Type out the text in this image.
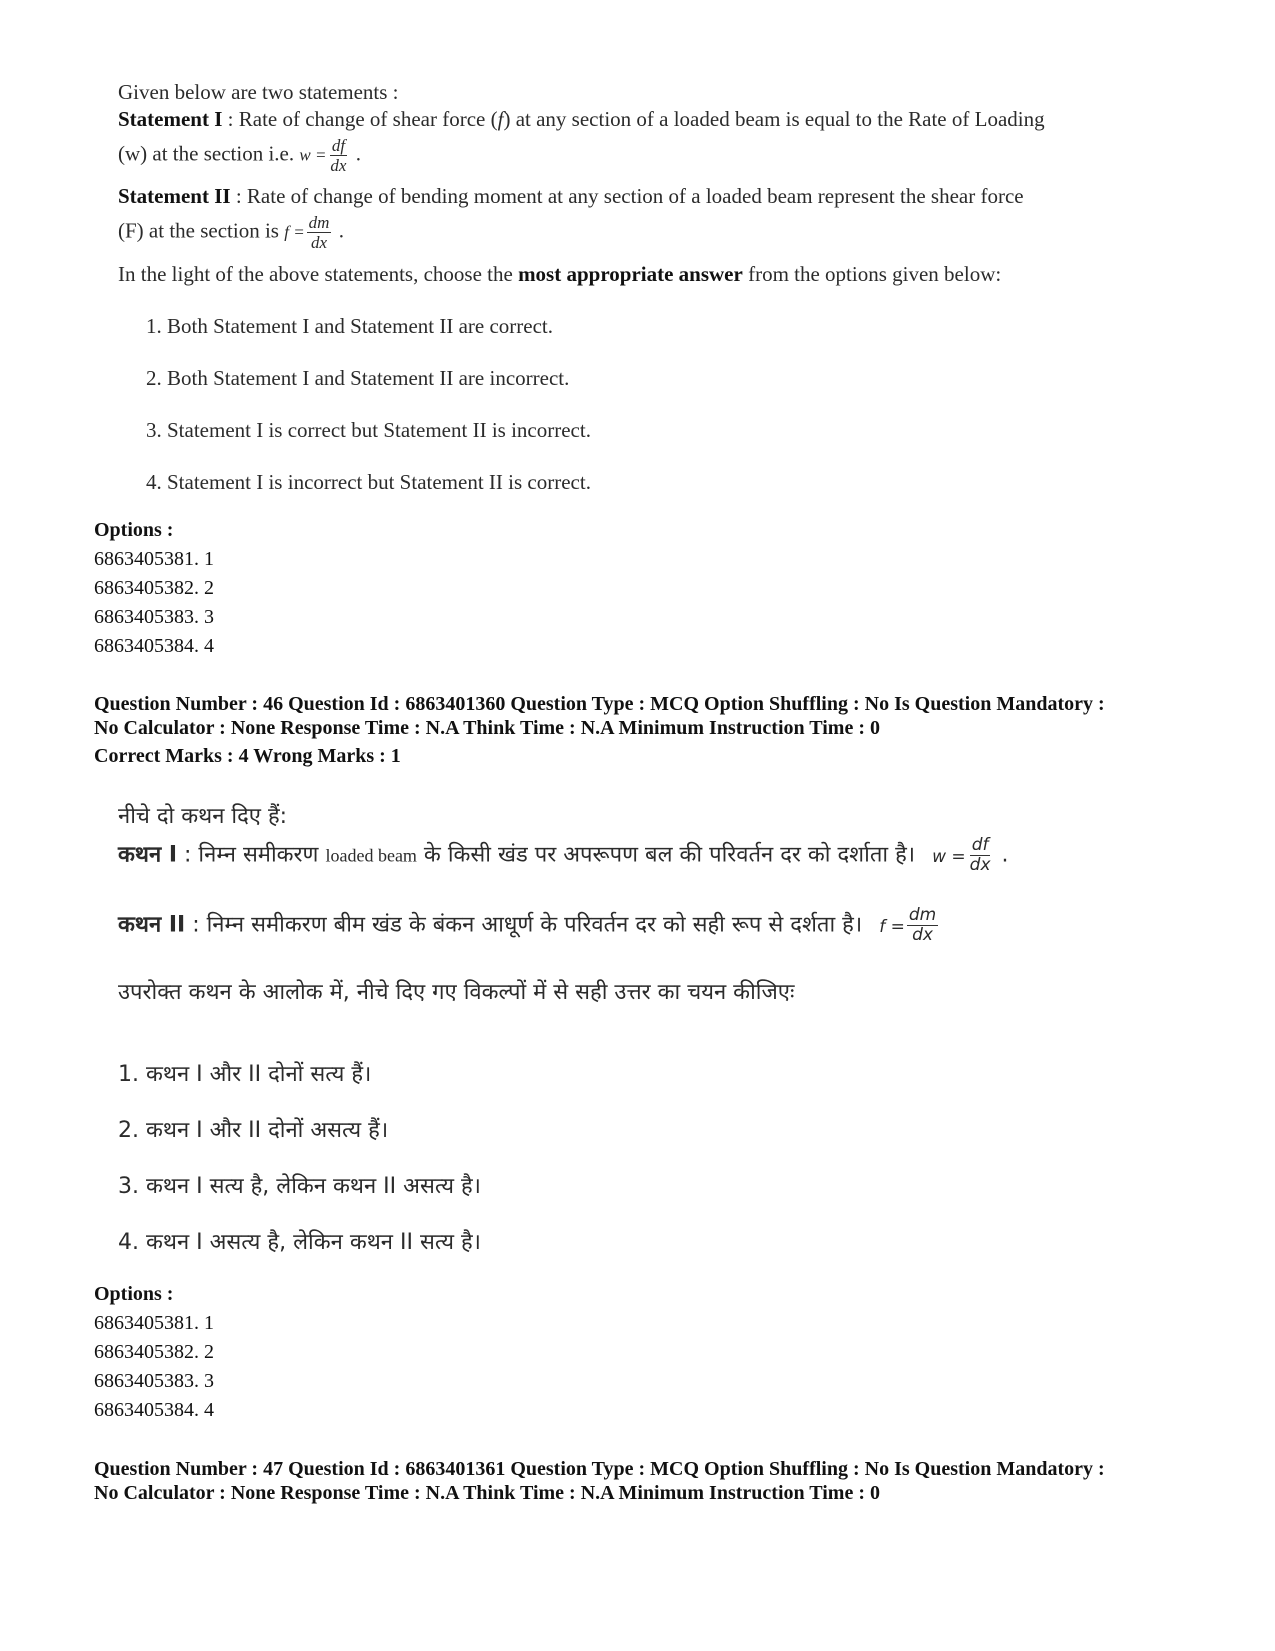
Given below are two statements :
Statement I : Rate of change of shear force (f) at any section of a loaded beam is equal to the Rate of Loading
(w) at the section i.e. $w = \frac{df}{dx}$ .
Statement II : Rate of change of bending moment at any section of a loaded beam represent the shear force
(F) at the section is $f = \frac{dm}{dx}$ .
In the light of the above statements, choose the most appropriate answer from the options given below:
1. Both Statement I and Statement II are correct.
2. Both Statement I and Statement II are incorrect.
3. Statement I is correct but Statement II is incorrect.
4. Statement I is incorrect but Statement II is correct.
Options :
6863405381. 1
6863405382. 2
6863405383. 3
6863405384. 4
Question Number : 46 Question Id : 6863401360 Question Type : MCQ Option Shuffling : No Is Question Mandatory :
No Calculator : None Response Time : N.A Think Time : N.A Minimum Instruction Time : 0
Correct Marks : 4 Wrong Marks : 1
नीचे दो कथन दिए हैं:
कथन I : निम्न समीकरण loaded beam के किसी खंड पर अपरूपण बल की परिवर्तन दर को दर्शाता है। $w = \frac{df}{dx}$ .
कथन II : निम्न समीकरण बीम खंड के बंकन आधूर्ण के परिवर्तन दर को सही रूप से दर्शता है। $f = \frac{dm}{dx}$
उपरोक्त कथन के आलोक में, नीचे दिए गए विकल्पों में से सही उत्तर का चयन कीजिएः
1. कथन I और II दोनों सत्य हैं।
2. कथन I और II दोनों असत्य हैं।
3. कथन I सत्य है, लेकिन कथन II असत्य है।
4. कथन I असत्य है, लेकिन कथन II सत्य है।
Options :
6863405381. 1
6863405382. 2
6863405383. 3
6863405384. 4
Question Number : 47 Question Id : 6863401361 Question Type : MCQ Option Shuffling : No Is Question Mandatory :
No Calculator : None Response Time : N.A Think Time : N.A Minimum Instruction Time : 0
